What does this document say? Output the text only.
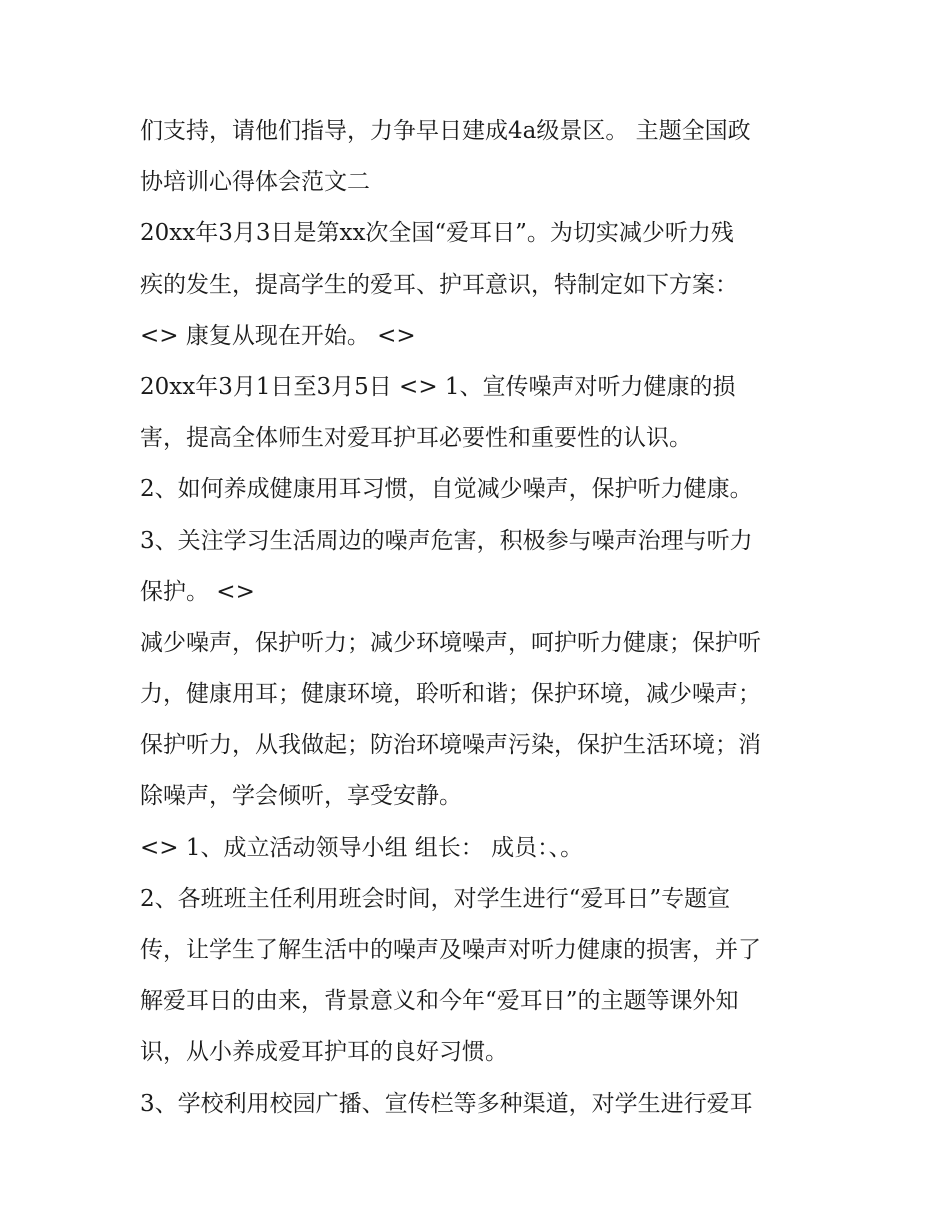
们支持，请他们指导，力争早日建成4a级景区。 主题全国政
协培训心得体会范文二
20xx年3月3日是第xx次全国“爱耳日”。为切实减少听力残
疾的发生，提高学生的爱耳、护耳意识，特制定如下方案：
<> 康复从现在开始。 <>
20xx年3月1日至3月5日 <> 1、宣传噪声对听力健康的损
害，提高全体师生对爱耳护耳必要性和重要性的认识。
2、如何养成健康用耳习惯，自觉减少噪声，保护听力健康。
3、关注学习生活周边的噪声危害，积极参与噪声治理与听力
保护。 <>
减少噪声，保护听力；减少环境噪声，呵护听力健康；保护听
力，健康用耳；健康环境，聆听和谐；保护环境，减少噪声；
保护听力，从我做起；防治环境噪声污染，保护生活环境；消
除噪声，学会倾听，享受安静。
<> 1、成立活动领导小组 组长： 成员：、。
2、各班班主任利用班会时间，对学生进行“爱耳日”专题宣
传，让学生了解生活中的噪声及噪声对听力健康的损害，并了
解爱耳日的由来，背景意义和今年“爱耳日”的主题等课外知
识，从小养成爱耳护耳的良好习惯。
3、学校利用校园广播、宣传栏等多种渠道，对学生进行爱耳
